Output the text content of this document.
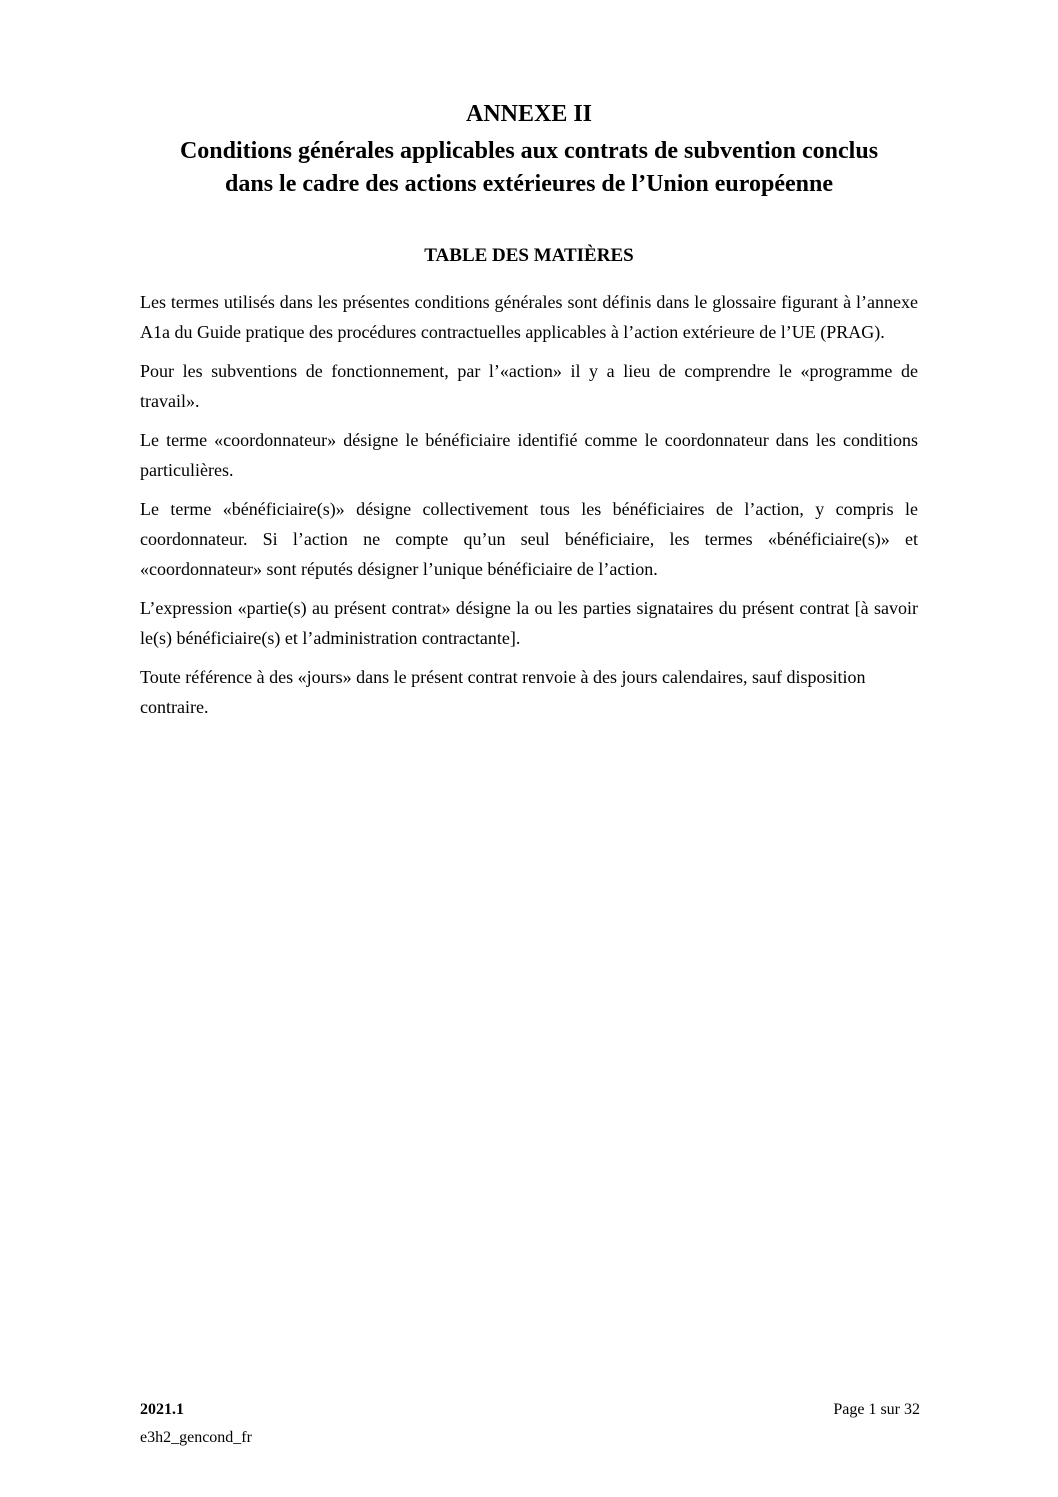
ANNEXE II
Conditions générales applicables aux contrats de subvention conclus
dans le cadre des actions extérieures de l’Union européenne
TABLE DES MATIÈRES

Les termes utilisés dans les présentes conditions générales sont définis dans le glossaire figurant à l’annexe A1a du Guide pratique des procédures contractuelles applicables à l’action extérieure de l’UE (PRAG).

Pour les subventions de fonctionnement, par l’«action» il y a lieu de comprendre le «programme de travail».

Le terme «coordonnateur» désigne le bénéficiaire identifié comme le coordonnateur dans les conditions particulières.

Le terme «bénéficiaire(s)» désigne collectivement tous les bénéficiaires de l’action, y compris le coordonnateur. Si l’action ne compte qu’un seul bénéficiaire, les termes «bénéficiaire(s)» et «coordonnateur» sont réputés désigner l’unique bénéficiaire de l’action.

L’expression «partie(s) au présent contrat» désigne la ou les parties signataires du présent contrat [à savoir le(s) bénéficiaire(s) et l’administration contractante].

Toute référence à des «jours» dans le présent contrat renvoie à des jours calendaires, sauf disposition contraire.

2021.1
e3h2_gencond_fr
Page 1 sur 32
